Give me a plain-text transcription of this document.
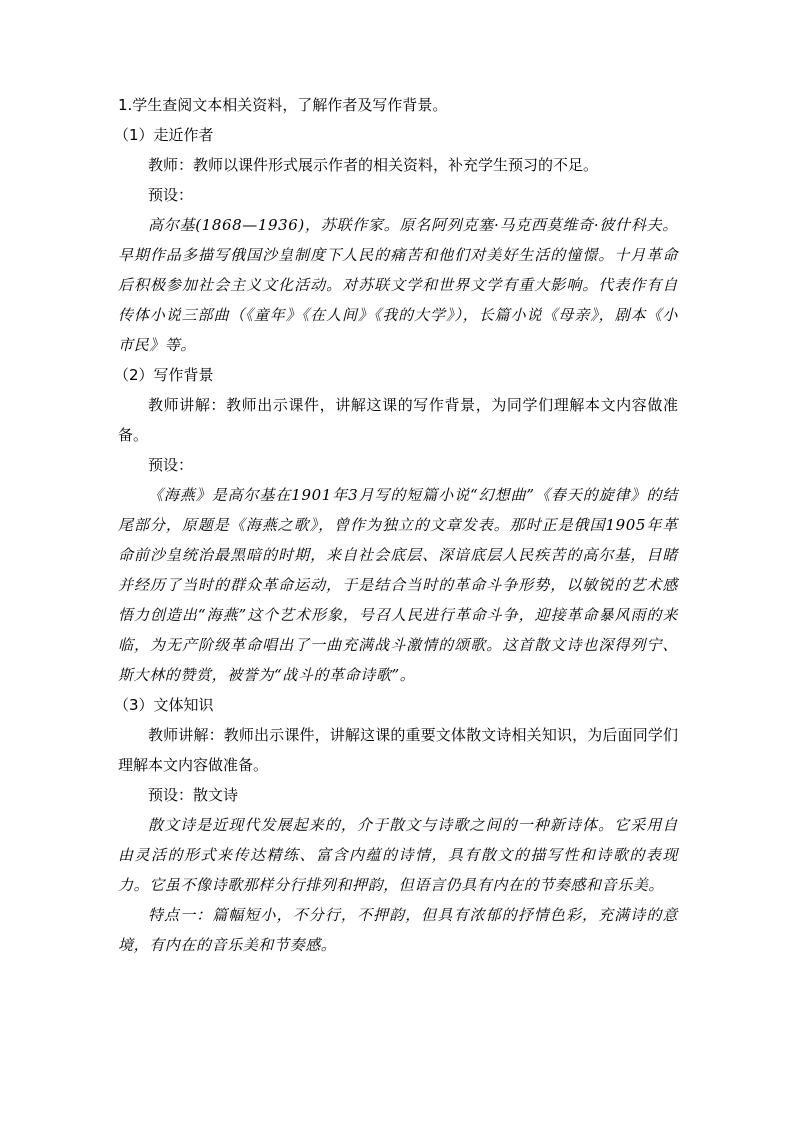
1.学生查阅文本相关资料，了解作者及写作背景。

（1）走近作者

教师：教师以课件形式展示作者的相关资料，补充学生预习的不足。

预设：

高尔基(1868—1936)，苏联作家。原名阿列克塞·马克西莫维奇·彼什科夫。早期作品多描写俄国沙皇制度下人民的痛苦和他们对美好生活的憧憬。十月革命后积极参加社会主义文化活动。对苏联文学和世界文学有重大影响。代表作有自传体小说三部曲（《童年》《在人间》《我的大学》），长篇小说《母亲》，剧本《小市民》等。

（2）写作背景

教师讲解：教师出示课件，讲解这课的写作背景，为同学们理解本文内容做准备。

预设：

《海燕》是高尔基在1901年3月写的短篇小说“幻想曲”《春天的旋律》的结尾部分，原题是《海燕之歌》，曾作为独立的文章发表。那时正是俄国1905年革命前沙皇统治最黑暗的时期，来自社会底层、深谙底层人民疾苦的高尔基，目睹并经历了当时的群众革命运动，于是结合当时的革命斗争形势，以敏锐的艺术感悟力创造出“海燕”这个艺术形象，号召人民进行革命斗争，迎接革命暴风雨的来临，为无产阶级革命唱出了一曲充满战斗激情的颂歌。这首散文诗也深得列宁、斯大林的赞赏，被誉为“战斗的革命诗歌”。

（3）文体知识

教师讲解：教师出示课件，讲解这课的重要文体散文诗相关知识，为后面同学们理解本文内容做准备。

预设：散文诗

散文诗是近现代发展起来的，介于散文与诗歌之间的一种新诗体。它采用自由灵活的形式来传达精练、富含内蕴的诗情，具有散文的描写性和诗歌的表现力。它虽不像诗歌那样分行排列和押韵，但语言仍具有内在的节奏感和音乐美。

特点一：篇幅短小，不分行，不押韵，但具有浓郁的抒情色彩，充满诗的意境，有内在的音乐美和节奏感。
